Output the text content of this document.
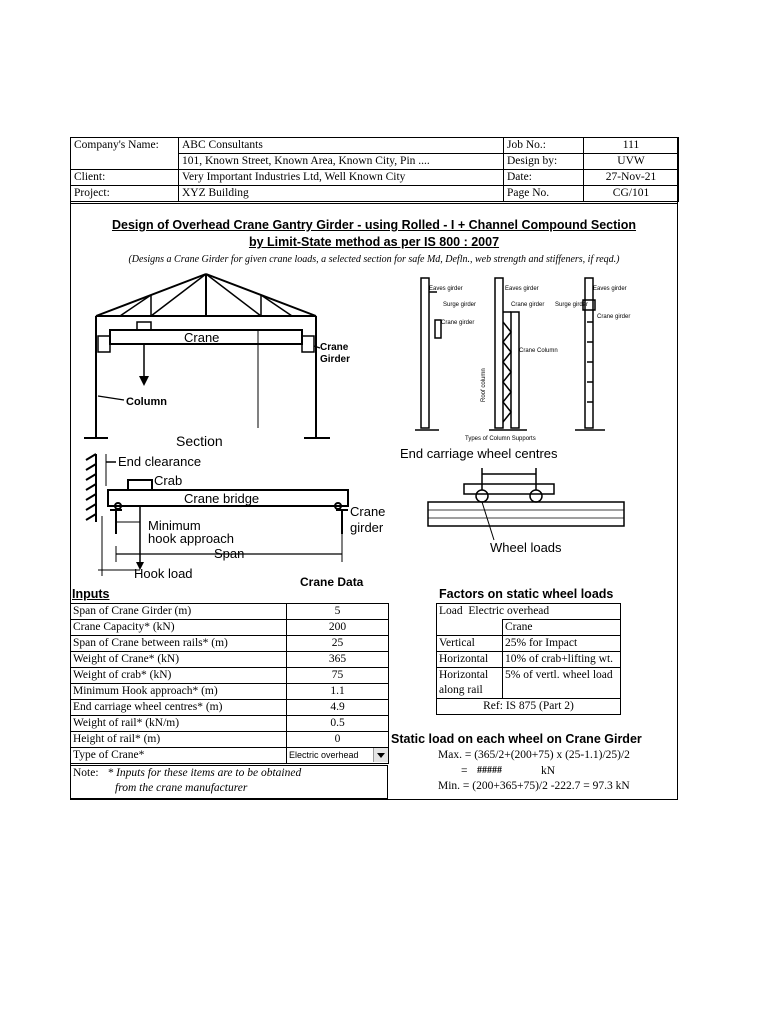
Company's Name:	ABC Consultants	Job No.:	111
	101, Known Street, Known Area, Known City, Pin ....	Design by:	UVW
Client:	Very Important Industries Ltd, Well Known City	Date:	27-Nov-21
Project:	XYZ Building	Page No.	CG/101
Design of Overhead Crane Gantry Girder - using Rolled - I + Channel Compound Section
by Limit-State method as per IS 800 : 2007
(Designs a Crane Girder for given crane loads, a selected section for safe Md, Defln., web strength and stiffeners, if reqd.)
Crane
Crane
Girder
Column
Section
Eaves girder
Surge girder
Crane girder
Eaves girder
Crane girder
Crane Column
Surge girder
Eaves girder
Crane girder
Types of Column Supports
Roof column
End clearance
Crab
Crane bridge
Crane
girder
Minimum
hook approach
Span
Hook load
Crane Data
End carriage wheel centres
Wheel loads
Inputs
Span of Crane Girder (m)	5
Crane Capacity* (kN)	200
Span of Crane between rails* (m)	25
Weight of Crane* (kN)	365
Weight of crab* (kN)	75
Minimum Hook approach* (m)	1.1
End carriage wheel centres* (m)	4.9
Weight of rail* (kN/m)	0.5
Height of rail* (m)	0
Type of Crane*	Electric overhead
Note: * Inputs for these items are to be obtained
from the crane manufacturer
Factors on static wheel loads
Load Electric overhead	
	Crane
Vertical	25% for Impact
Horizontal	10% of crab+lifting wt.
Horizontal	5% of vertl. wheel load
along rail	
Ref: IS 875 (Part 2)	
Static load on each wheel on Crane Girder
Max. = (365/2+(200+75) x (25-1.1)/25)/2
= #####	kN
Min. = (200+365+75)/2 -222.7 = 97.3 kN
